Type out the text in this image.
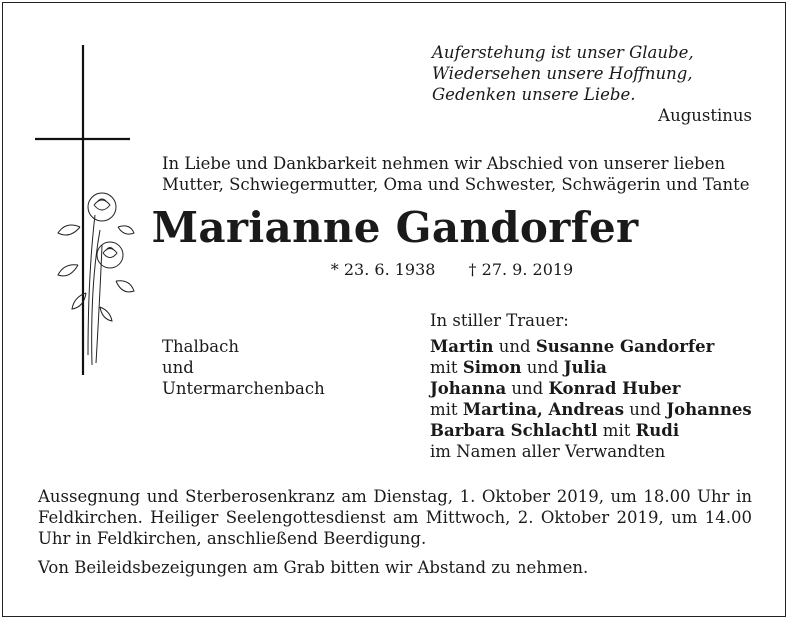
Auferstehung ist unser Glaube,
Wiedersehen unsere Hoffnung,
Gedenken unsere Liebe.
Augustinus
In Liebe und Dankbarkeit nehmen wir Abschied von unserer lieben
Mutter, Schwiegermutter, Oma und Schwester, Schwägerin und Tante
Marianne Gandorfer
* 23. 6. 1938 † 27. 9. 2019
Thalbach
und
Untermarchenbach
In stiller Trauer:
Martin und Susanne Gandorfer
mit Simon und Julia
Johanna und Konrad Huber
mit Martina, Andreas und Johannes
Barbara Schlachtl mit Rudi
im Namen aller Verwandten

Aussegnung und Sterberosenkranz am Dienstag, 1. Oktober 2019, um 18.00 Uhr in Feldkirchen. Heiliger Seelengottesdienst am Mittwoch, 2. Oktober 2019, um 14.00 Uhr in Feldkirchen, anschließend Beerdigung.

Von Beileidsbezeigungen am Grab bitten wir Abstand zu nehmen.
